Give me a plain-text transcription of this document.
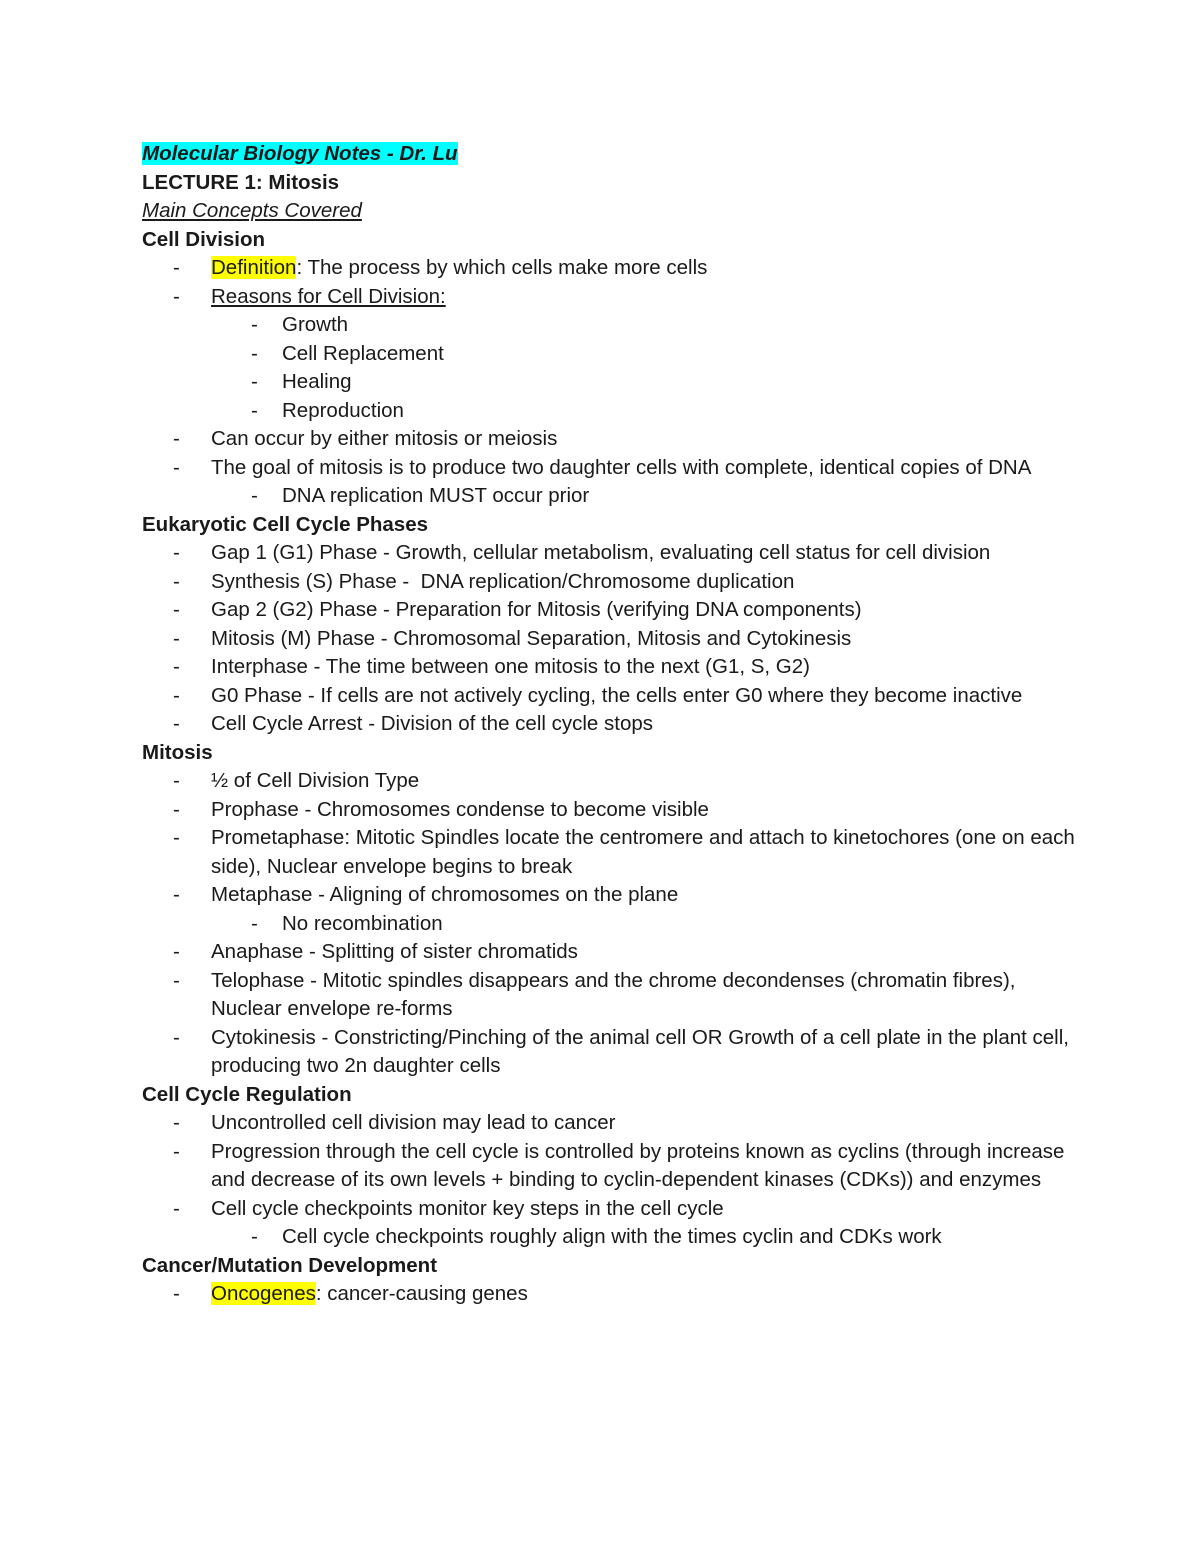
Molecular Biology Notes - Dr. Lu
LECTURE 1: Mitosis
Main Concepts Covered
Cell Division
- Definition: The process by which cells make more cells
- Reasons for Cell Division:
- Growth
- Cell Replacement
- Healing
- Reproduction
- Can occur by either mitosis or meiosis
- The goal of mitosis is to produce two daughter cells with complete, identical copies of DNA
- DNA replication MUST occur prior
Eukaryotic Cell Cycle Phases
- Gap 1 (G1) Phase - Growth, cellular metabolism, evaluating cell status for cell division
- Synthesis (S) Phase -  DNA replication/Chromosome duplication
- Gap 2 (G2) Phase - Preparation for Mitosis (verifying DNA components)
- Mitosis (M) Phase - Chromosomal Separation, Mitosis and Cytokinesis
- Interphase - The time between one mitosis to the next (G1, S, G2)
- G0 Phase - If cells are not actively cycling, the cells enter G0 where they become inactive
- Cell Cycle Arrest - Division of the cell cycle stops
Mitosis
- ½ of Cell Division Type
- Prophase - Chromosomes condense to become visible
- Prometaphase: Mitotic Spindles locate the centromere and attach to kinetochores (one on each side), Nuclear envelope begins to break
- Metaphase - Aligning of chromosomes on the plane
- No recombination
- Anaphase - Splitting of sister chromatids
- Telophase - Mitotic spindles disappears and the chrome decondenses (chromatin fibres), Nuclear envelope re-forms
- Cytokinesis - Constricting/Pinching of the animal cell OR Growth of a cell plate in the plant cell, producing two 2n daughter cells
Cell Cycle Regulation
- Uncontrolled cell division may lead to cancer
- Progression through the cell cycle is controlled by proteins known as cyclins (through increase and decrease of its own levels + binding to cyclin-dependent kinases (CDKs)) and enzymes
- Cell cycle checkpoints monitor key steps in the cell cycle
- Cell cycle checkpoints roughly align with the times cyclin and CDKs work
Cancer/Mutation Development
- Oncogenes: cancer-causing genes
